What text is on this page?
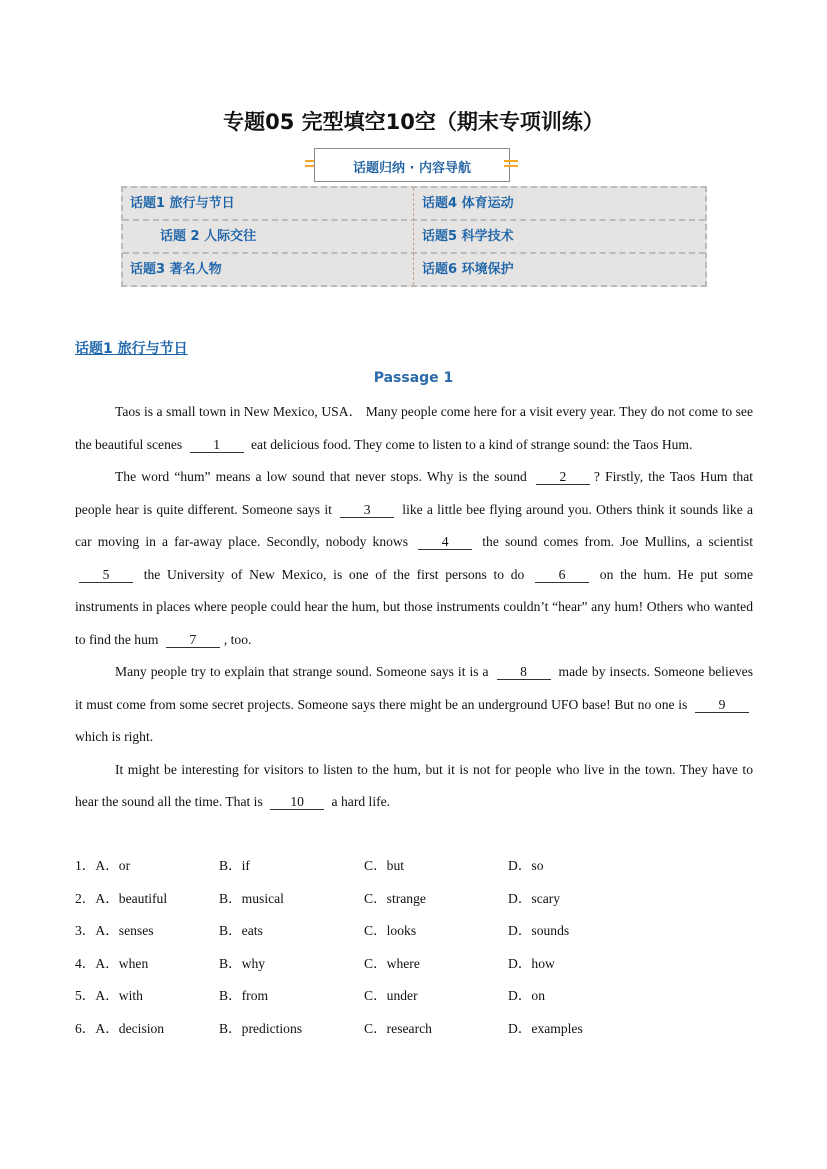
专题05 完型填空10空（期末专项训练）
话题归纳 · 内容导航
话题1 旅行与节日	话题4 体育运动
话题 2 人际交往	话题5 科学技术
话题3 著名人物	话题6 环境保护
话题1 旅行与节日
Passage 1

Taos is a small town in New Mexico, USA． Many people come here for a visit every year. They do not come to see the beautiful scenes 1 eat delicious food. They come to listen to a kind of strange sound: the Taos Hum.

The word “hum” means a low sound that never stops. Why is the sound 2 ? Firstly, the Taos Hum that people hear is quite different. Someone says it 3 like a little bee flying around you. Others think it sounds like a car moving in a far-away place. Secondly, nobody knows 4 the sound comes from. Joe Mullins, a scientist 5 the University of New Mexico, is one of the first persons to do 6 on the hum. He put some instruments in places where people could hear the hum, but those instruments couldn’t “hear” any hum! Others who wanted to find the hum 7 , too.

Many people try to explain that strange sound. Someone says it is a 8 made by insects. Someone believes it must come from some secret projects. Someone says there might be an underground UFO base! But no one is 9 which is right.

It might be interesting for visitors to listen to the hum, but it is not for people who live in the town. They have to hear the sound all the time. That is 10 a hard life.

1．A．or	B．if	C．but	D．so
2．A．beautiful	B．musical	C．strange	D．scary
3．A．senses	B．eats	C．looks	D．sounds
4．A．when	B．why	C．where	D．how
5．A．with	B．from	C．under	D．on
6．A．decision	B．predictions	C．research	D．examples
